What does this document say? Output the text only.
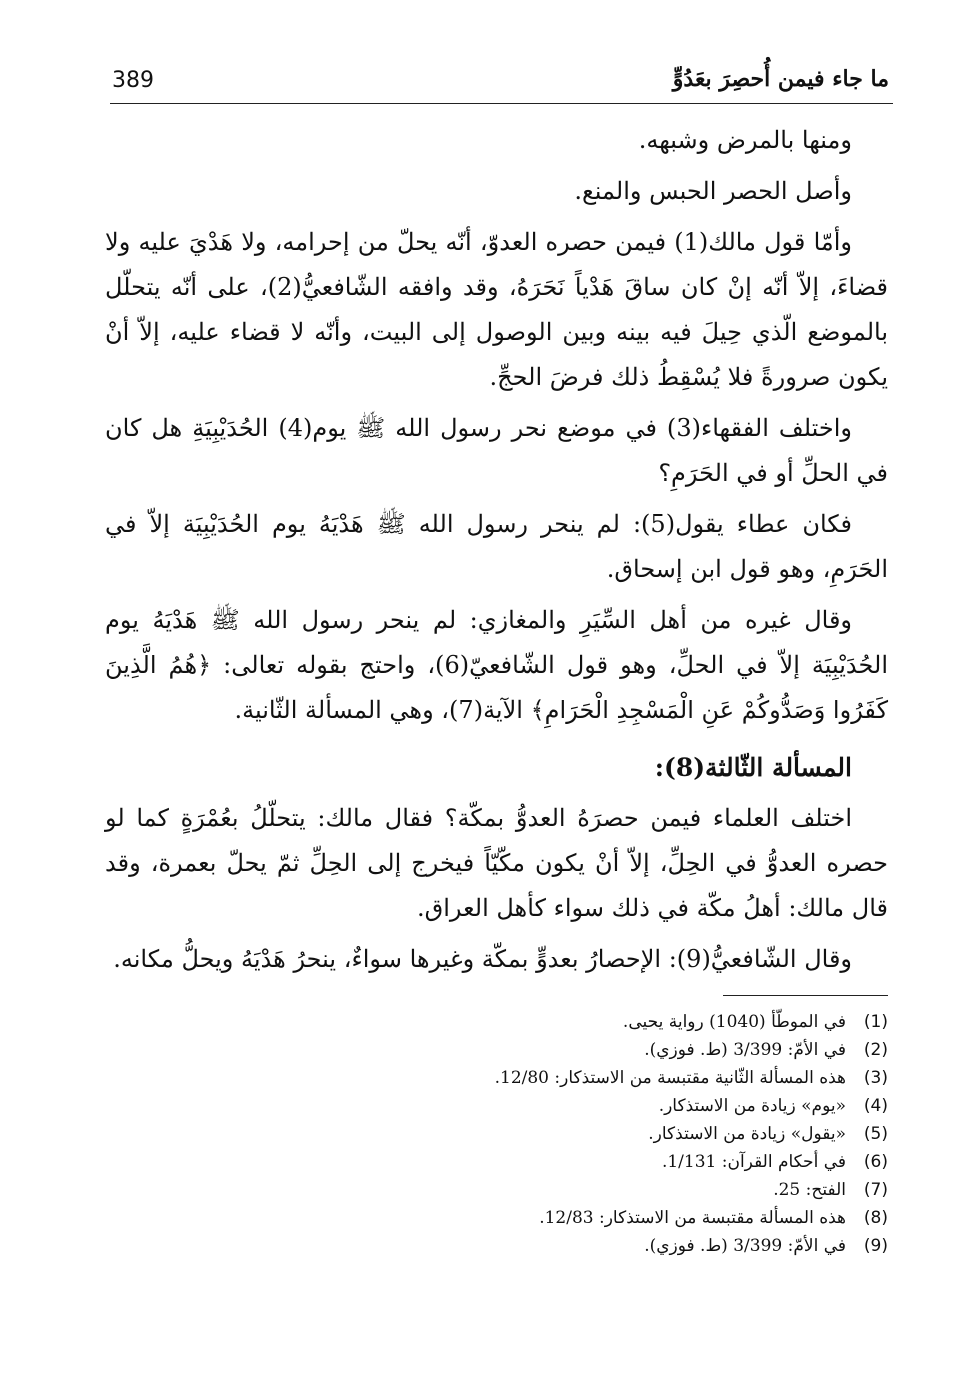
389	ما جاء فيمن أُحصِرَ بعَدُوٍّ

ومنها بالمرض وشبهه.

وأصل الحصر الحبس والمنع.

وأمّا قول مالك(1) فيمن حصره العدوّ، أنّه يحلّ من إحرامه، ولا هَدْيَ عليه ولا قضاءَ، إلاّ أنّه إنْ كان ساقَ هَدْياً نَحَرَهُ، وقد وافقه الشّافعيُّ(2)، على أنّه يتحلّل بالموضع الّذي حِيلَ فيه بينه وبين الوصول إلى البيت، وأنّه لا قضاء عليه، إلاّ أنْ يكون صرورةً فلا يُسْقِطُ ذلك فرضَ الحجِّ.

واختلف الفقهاء(3) في موضع نحر رسول الله ﷺ يوم(4) الحُدَيْبِيَةِ هل كان في الحلِّ أو في الحَرَمِ؟

فكان عطاء يقول(5): لم ينحر رسول الله ﷺ هَدْيَهُ يوم الحُدَيْبِيَة إلاّ في الحَرَمِ، وهو قول ابن إسحاق.

وقال غيره من أهل السِّيَرِ والمغازي: لم ينحر رسول الله ﷺ هَدْيَهُ يوم الحُدَيْبِيَة إلاّ في الحلِّ، وهو قول الشّافعيّ(6)، واحتج بقوله تعالى: ﴿هُمُ الَّذِينَ كَفَرُوا وَصَدُّوكُمْ عَنِ الْمَسْجِدِ الْحَرَامِ﴾ الآية(7)، وهي المسألة الثّانية.

المسألة الثّالثة(8):

اختلف العلماء فيمن حصرَهُ العدوُّ بمكّة؟ فقال مالك: يتحلّلُ بعُمْرَةٍ كما لو حصره العدوُّ في الحِلِّ، إلاّ أنْ يكون مكّيّاً فيخرج إلى الحِلِّ ثمّ يحلّ بعمرة، وقد قال مالك: أهلُ مكّة في ذلك سواء كأهل العراق.

وقال الشّافعيُّ(9): الإحصارُ بعدوٍّ بمكّة وغيرها سواءٌ، ينحرُ هَدْيَهُ ويحلُّ مكانه.

(1)
في الموطّأ (1040) رواية يحيى.
(2)
في الأمّ: 3/399 (ط. فوزي).
(3)
هذه المسألة الثّانية مقتبسة من الاستذكار: 12/80.
(4)
«يوم» زيادة من الاستذكار.
(5)
«يقول» زيادة من الاستذكار.
(6)
في أحكام القرآن: 1/131.
(7)
الفتح: 25.
(8)
هذه المسألة مقتبسة من الاستذكار: 12/83.
(9)
في الأمّ: 3/399 (ط. فوزي).
